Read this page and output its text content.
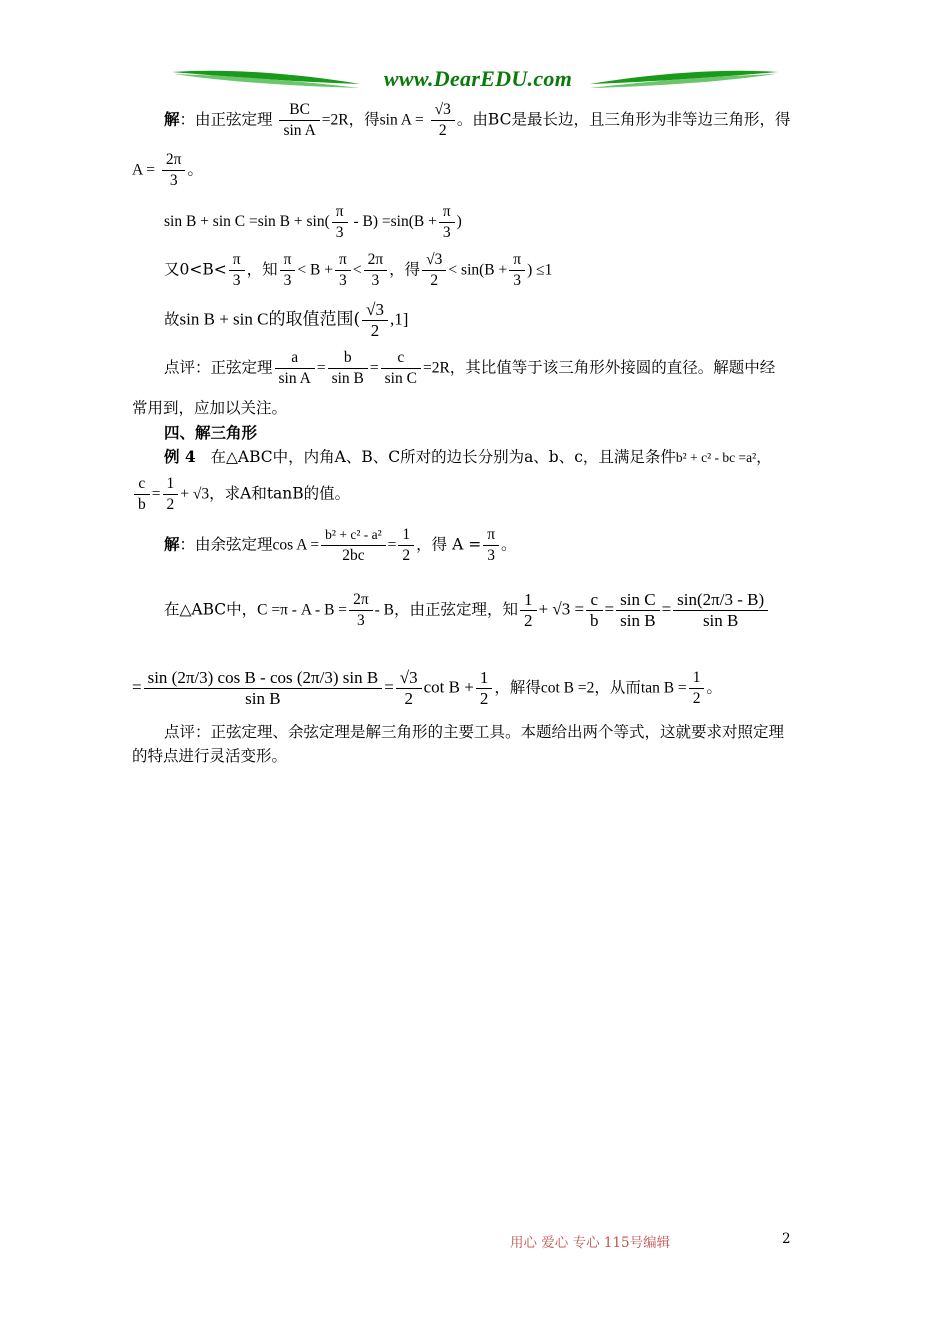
www.DearEDU.com
解：由正弦定理 $\frac{BC}{\text{sin A}} =2R$，得$\sin A = \frac{√3}{2}$ 。由BC是最长边，且三角形为非等边三角形，得
$A = \frac{2\pi}{3}$ 。
sin B + sin C =sin $B + \sin( \frac{\pi}{3} - B) =\sin(B + \frac{\pi}{3}$ )
又$0<B< \frac{\pi}{3}$ ，知 $\frac{\pi}{3} < B + \frac{\pi}{3} < \frac{2\pi}{3}$ ，得 $\frac{√3}{2} < \sin(B + \frac{\pi}{3}$ ) ≤1
故sin B + sin C的取值范围( $\frac{√3}{2} ,1$]
点评：正弦定理 $\frac{a}{\text{sin A}} = \frac{b}{\text{sin B}} = \frac{c}{\text{sin C}} =2R$，其比值等于该三角形外接圆的直径。解题中经
常用到，应加以关注。
四、解三角形
例 4 在△ABC中，内角A、B、C所对的边长分别为a、b、c，且满足条件b² + c² - bc =a²，
$\frac{c}{b} = \frac{1}{2} + √3$，求A和tanB的值。
解：由余弦定理$\cos A = \frac{\text{b² + c² - a²}}{2bc} = \frac{1}{2}$ ，得 $A = \frac{\pi}{3}$ 。
在△ABC中，$C =\pi - A - B = \frac{2\pi}{3} - B$，由正弦定理，知 $\frac{1}{2} + √3 = \frac{c}{b} = \frac{\text{sin C}}{\text{sin B}} = \frac{\sin(2\pi/3 - B)}{\text{sin B}}$
= $\frac{\text{sin (2π/3) cos B - cos (2π/3) sin B}}{\text{sin B}} = \frac{√3}{2}$ $\cot B + \frac{1}{2}$ ，解得cot B =2，从而$\tan B = \frac{1}{2}$ 。
点评：正弦定理、余弦定理是解三角形的主要工具。本题给出两个等式，这就要求对照定理
的特点进行灵活变形。
用心 爱心 专心 115号编辑	2
